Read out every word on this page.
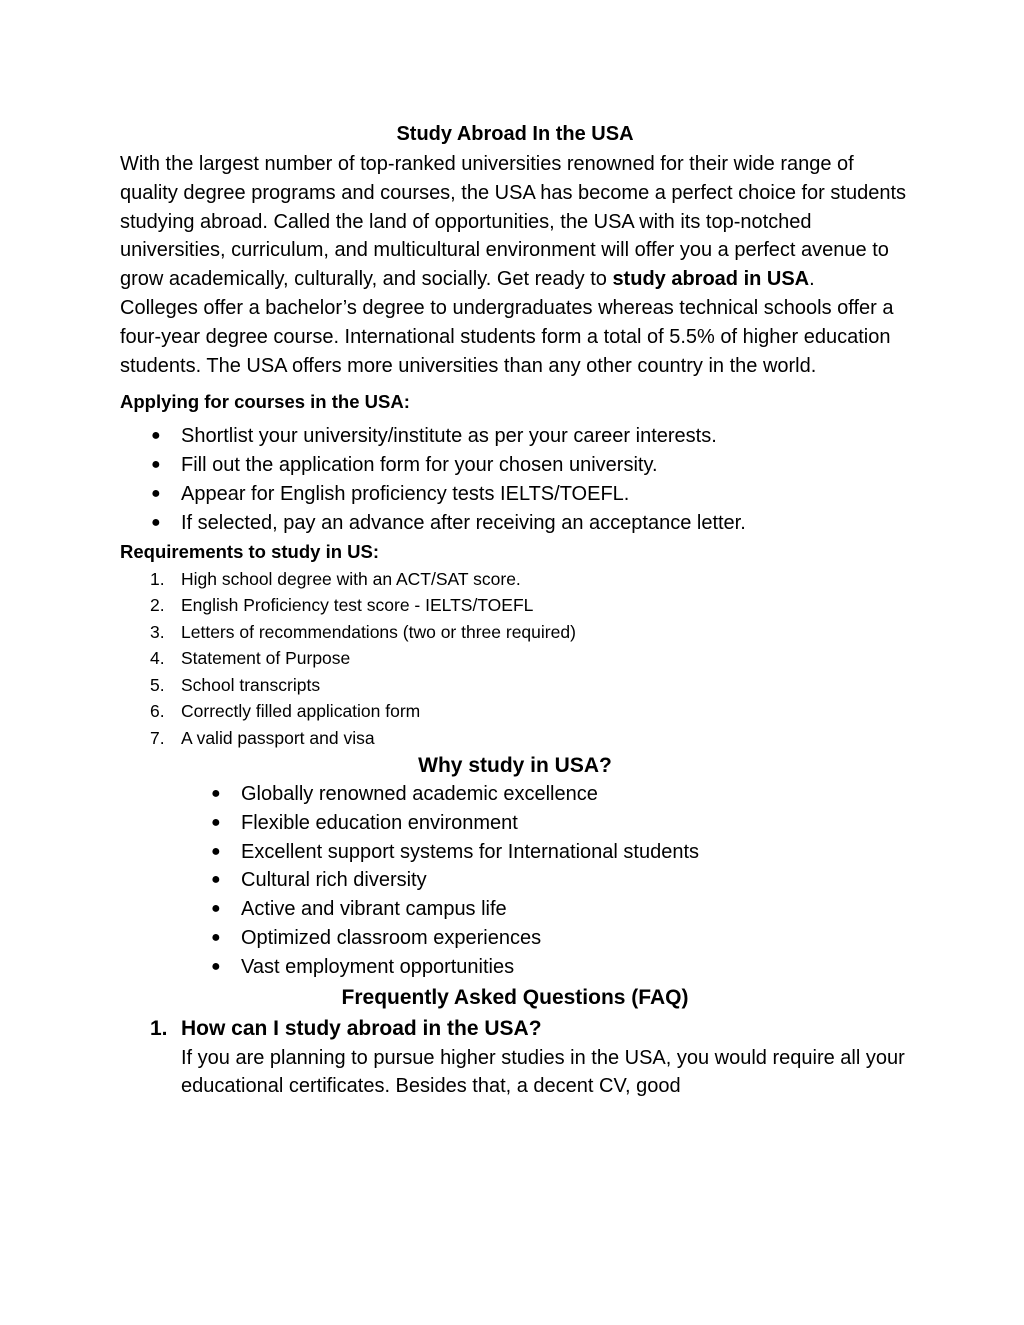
Study Abroad In the USA

With the largest number of top-ranked universities renowned for their wide range of quality degree programs and courses, the USA has become a perfect choice for students studying abroad. Called the land of opportunities, the USA with its top-notched universities, curriculum, and multicultural environment will offer you a perfect avenue to grow academically, culturally, and socially. Get ready to study abroad in USA.

Colleges offer a bachelor’s degree to undergraduates whereas technical schools offer a four-year degree course. International students form a total of 5.5% of higher education students. The USA offers more universities than any other country in the world.

Applying for courses in the USA:
● Shortlist your university/institute as per your career interests.
● Fill out the application form for your chosen university.
● Appear for English proficiency tests IELTS/TOEFL.
● If selected, pay an advance after receiving an acceptance letter.
Requirements to study in US:
1. High school degree with an ACT/SAT score.
2. English Proficiency test score - IELTS/TOEFL
3. Letters of recommendations (two or three required)
4. Statement of Purpose
5. School transcripts
6. Correctly filled application form
7. A valid passport and visa
Why study in USA?
● Globally renowned academic excellence
● Flexible education environment
● Excellent support systems for International students
● Cultural rich diversity
● Active and vibrant campus life
● Optimized classroom experiences
● Vast employment opportunities
Frequently Asked Questions (FAQ)
1. How can I study abroad in the USA?

If you are planning to pursue higher studies in the USA, you would require all your educational certificates. Besides that, a decent CV, good
